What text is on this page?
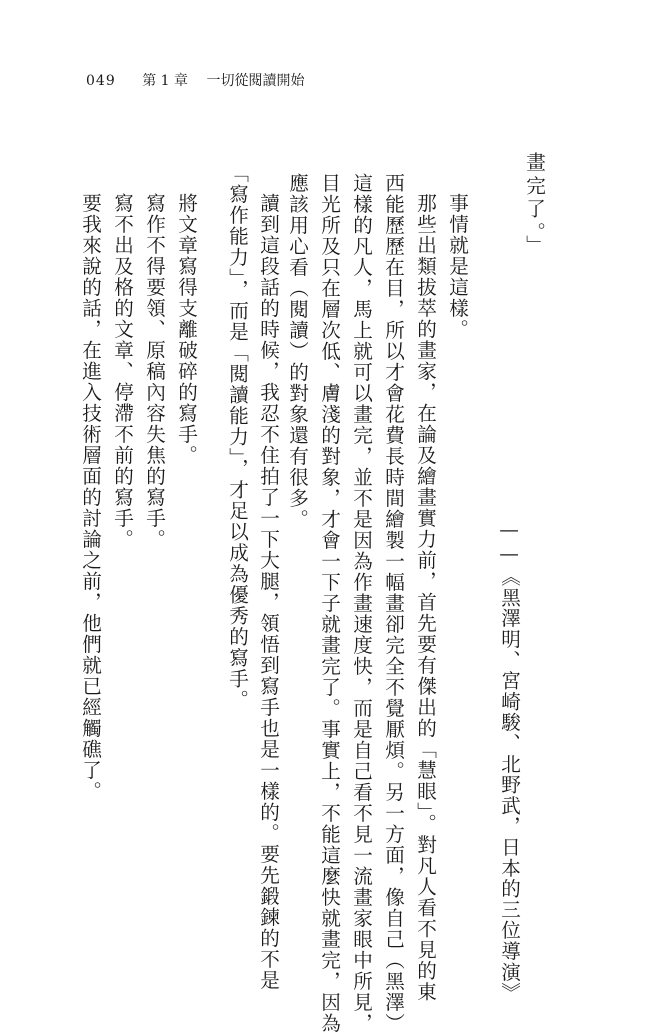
049 第 1 章 一切從閱讀開始
畫完了。」
——《黑澤明、宮崎駿、北野武，日本的三位導演》
事情就是這樣。
那些出類拔萃的畫家，在論及繪畫實力前，首先要有傑出的「慧眼」。對凡人看不見的東
西能歷歷在目，所以才會花費長時間繪製一幅畫卻完全不覺厭煩。另一方面，像自己（黑澤）
這樣的凡人，馬上就可以畫完，並不是因為作畫速度快，而是自己看不見一流畫家眼中所見，
目光所及只在層次低、膚淺的對象，才會一下子就畫完了。事實上，不能這麼快就畫完，因為
應該用心看（閱讀）的對象還有很多。
讀到這段話的時候，我忍不住拍了一下大腿，領悟到寫手也是一樣的。要先鍛鍊的不是
「寫作能力」，而是「閱讀能力」，才足以成為優秀的寫手。
將文章寫得支離破碎的寫手。
寫作不得要領、原稿內容失焦的寫手。
寫不出及格的文章、停滯不前的寫手。
要我來說的話，在進入技術層面的討論之前，他們就已經觸礁了。
